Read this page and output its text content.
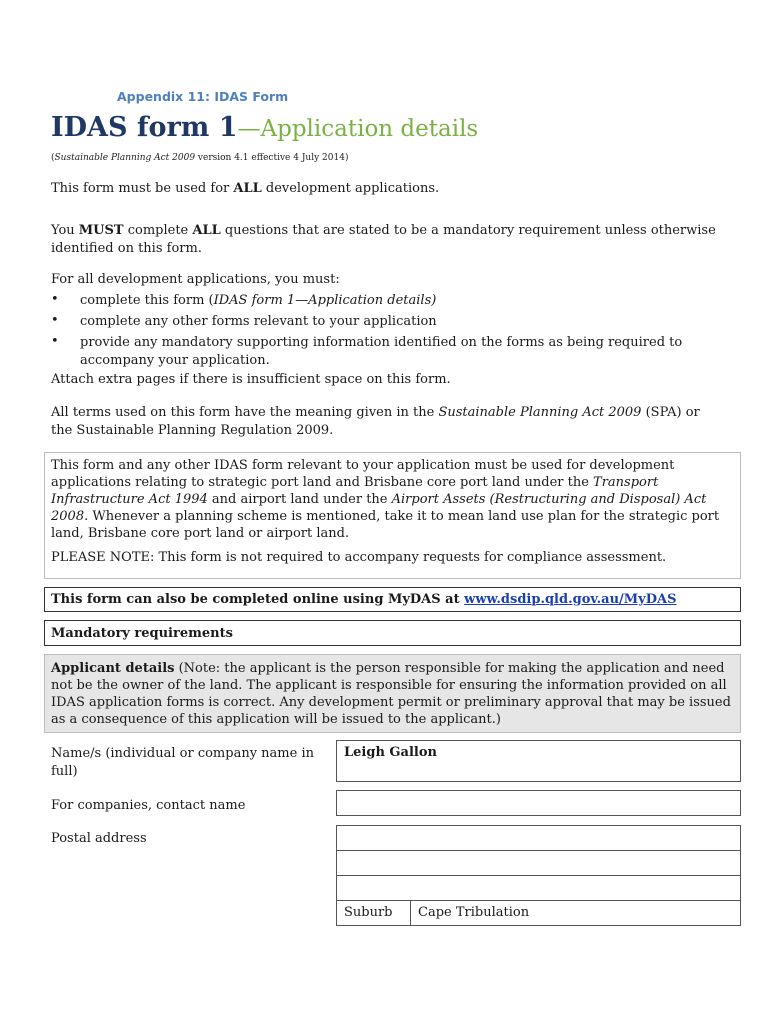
Appendix 11: IDAS Form
IDAS form 1—Application details
(Sustainable Planning Act 2009 version 4.1 effective 4 July 2014)
This form must be used for ALL development applications.
You MUST complete ALL questions that are stated to be a mandatory requirement unless otherwise identified on this form.
For all development applications, you must:
• complete this form (IDAS form 1—Application details)
• complete any other forms relevant to your application
• provide any mandatory supporting information identified on the forms as being required to accompany your application.
Attach extra pages if there is insufficient space on this form.
All terms used on this form have the meaning given in the Sustainable Planning Act 2009 (SPA) or the Sustainable Planning Regulation 2009.

This form and any other IDAS form relevant to your application must be used for development applications relating to strategic port land and Brisbane core port land under the Transport Infrastructure Act 1994 and airport land under the Airport Assets (Restructuring and Disposal) Act 2008. Whenever a planning scheme is mentioned, take it to mean land use plan for the strategic port land, Brisbane core port land or airport land.

PLEASE NOTE: This form is not required to accompany requests for compliance assessment.

This form can also be completed online using MyDAS at www.dsdip.qld.gov.au/MyDAS
Mandatory requirements
Applicant details (Note: the applicant is the person responsible for making the application and need not be the owner of the land. The applicant is responsible for ensuring the information provided on all IDAS application forms is correct. Any development permit or preliminary approval that may be issued as a consequence of this application will be issued to the applicant.)
Name/s (individual or company name in full)
Leigh Gallon
For companies, contact name
Postal address
Suburb	Cape Tribulation
